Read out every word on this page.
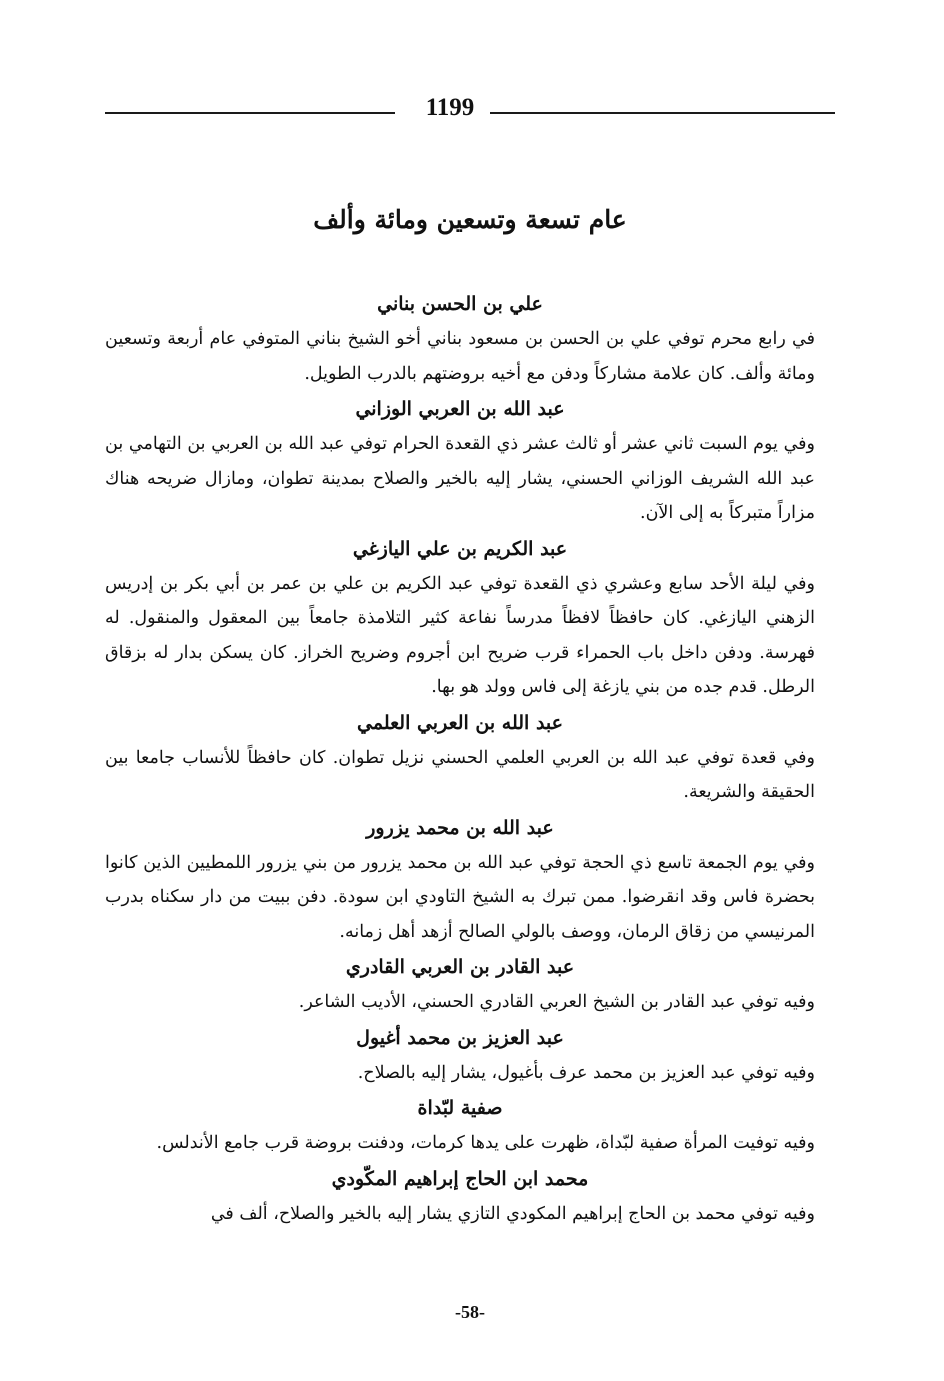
1199
عام تسعة وتسعين ومائة وألف
علي بن الحسن بناني

في رابع محرم توفي علي بن الحسن بن مسعود بناني أخو الشيخ بناني المتوفي عام أربعة وتسعين ومائة وألف. كان علامة مشاركاً ودفن مع أخيه بروضتهم بالدرب الطويل.

عبد الله بن العربي الوزاني

وفي يوم السبت ثاني عشر أو ثالث عشر ذي القعدة الحرام توفي عبد الله بن العربي بن التهامي بن عبد الله الشريف الوزاني الحسني، يشار إليه بالخير والصلاح بمدينة تطوان، ومازال ضريحه هناك مزاراً متبركاً به إلى الآن.

عبد الكريم بن علي اليازغي

وفي ليلة الأحد سابع وعشري ذي القعدة توفي عبد الكريم بن علي بن عمر بن أبي بكر بن إدريس الزهني اليازغي. كان حافظاً لافظاً مدرساً نفاعة كثير التلامذة جامعاً بين المعقول والمنقول. له فهرسة. ودفن داخل باب الحمراء قرب ضريح ابن أجروم وضريح الخراز. كان يسكن بدار له بزقاق الرطل. قدم جده من بني يازغة إلى فاس وولد هو بها.

عبد الله بن العربي العلمي

وفي قعدة توفي عبد الله بن العربي العلمي الحسني نزيل تطوان. كان حافظاً للأنساب جامعا بين الحقيقة والشريعة.

عبد الله بن محمد يزرور

وفي يوم الجمعة تاسع ذي الحجة توفي عبد الله بن محمد يزرور من بني يزرور اللمطيين الذين كانوا بحضرة فاس وقد انقرضوا. ممن تبرك به الشيخ التاودي ابن سودة. دفن ببيت من دار سكناه بدرب المرنيسي من زقاق الرمان، ووصف بالولي الصالح أزهد أهل زمانه.

عبد القادر بن العربي القادري

وفيه توفي عبد القادر بن الشيخ العربي القادري الحسني، الأديب الشاعر.

عبد العزيز بن محمد أغيول

وفيه توفي عبد العزيز بن محمد عرف بأغيول، يشار إليه بالصلاح.

صفية لبّداة

وفيه توفيت المرأة صفية لبّداة، ظهرت على يدها كرمات، ودفنت بروضة قرب جامع الأندلس.

محمد ابن الحاج إبراهيم المكّودي

وفيه توفي محمد بن الحاج إبراهيم المكودي التازي يشار إليه بالخير والصلاح، ألف في

-58-
